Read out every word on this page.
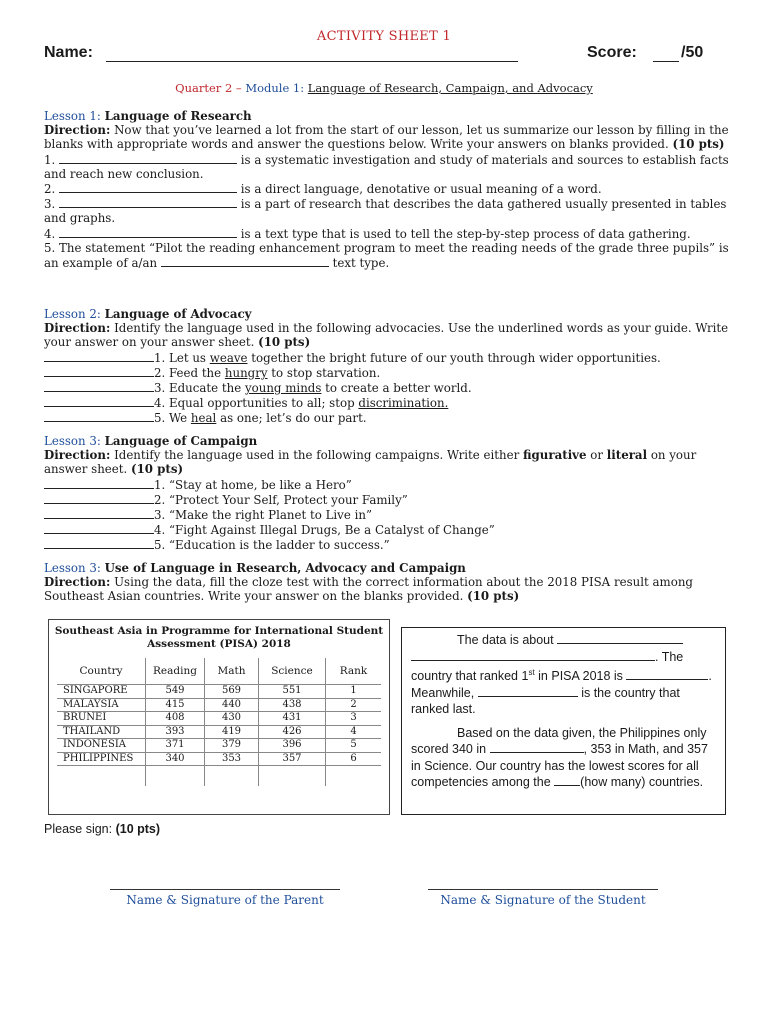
ACTIVITY SHEET 1
Name:	Score:	/50
Quarter 2 – Module 1: Language of Research, Campaign, and Advocacy
Lesson 1: Language of Research

Direction: Now that you’ve learned a lot from the start of our lesson, let us summarize our lesson by filling in the blanks with appropriate words and answer the questions below. Write your answers on blanks provided. (10 pts)

1.	is a systematic investigation and study of materials and sources to establish facts and reach new conclusion.

2.	is a direct language, denotative or usual meaning of a word.

3.	is a part of research that describes the data gathered usually presented in tables and graphs.

4.	is a text type that is used to tell the step-by-step process of data gathering.

5. The statement “Pilot the reading enhancement program to meet the reading needs of the grade three pupils” is an example of a/an	text type.

Lesson 2: Language of Advocacy

Direction: Identify the language used in the following advocacies. Use the underlined words as your guide. Write your answer on your answer sheet. (10 pts)

1. Let us weave together the bright future of our youth through wider opportunities.

2. Feed the hungry to stop starvation.

3. Educate the young minds to create a better world.

4. Equal opportunities to all; stop discrimination.

5. We heal as one; let’s do our part.

Lesson 3: Language of Campaign

Direction: Identify the language used in the following campaigns. Write either figurative or literal on your answer sheet. (10 pts)

1. “Stay at home, be like a Hero”

2. “Protect Your Self, Protect your Family”

3. “Make the right Planet to Live in”

4. “Fight Against Illegal Drugs, Be a Catalyst of Change”

5. “Education is the ladder to success.”

Lesson 3: Use of Language in Research, Advocacy and Campaign

Direction: Using the data, fill the cloze test with the correct information about the 2018 PISA result among Southeast Asian countries. Write your answer on the blanks provided. (10 pts)

Southeast Asia in Programme for International Student Assessment (PISA) 2018
Country	Reading	Math	Science	Rank
SINGAPORE	549	569	551	1
MALAYSIA	415	440	438	2
BRUNEI	408	430	431	3
THAILAND	393	419	426	4
INDONESIA	371	379	396	5
PHILIPPINES	340	353	357	6

The data is about  . The country that ranked 1st in PISA 2018 is	. Meanwhile,	is the country that ranked last.

Based on the data given, the Philippines only scored 340 in	, 353 in Math, and 357 in Science. Our country has the lowest scores for all competencies among the (how many) countries.

Please sign: (10 pts)
Name & Signature of the Parent	Name & Signature of the Student
